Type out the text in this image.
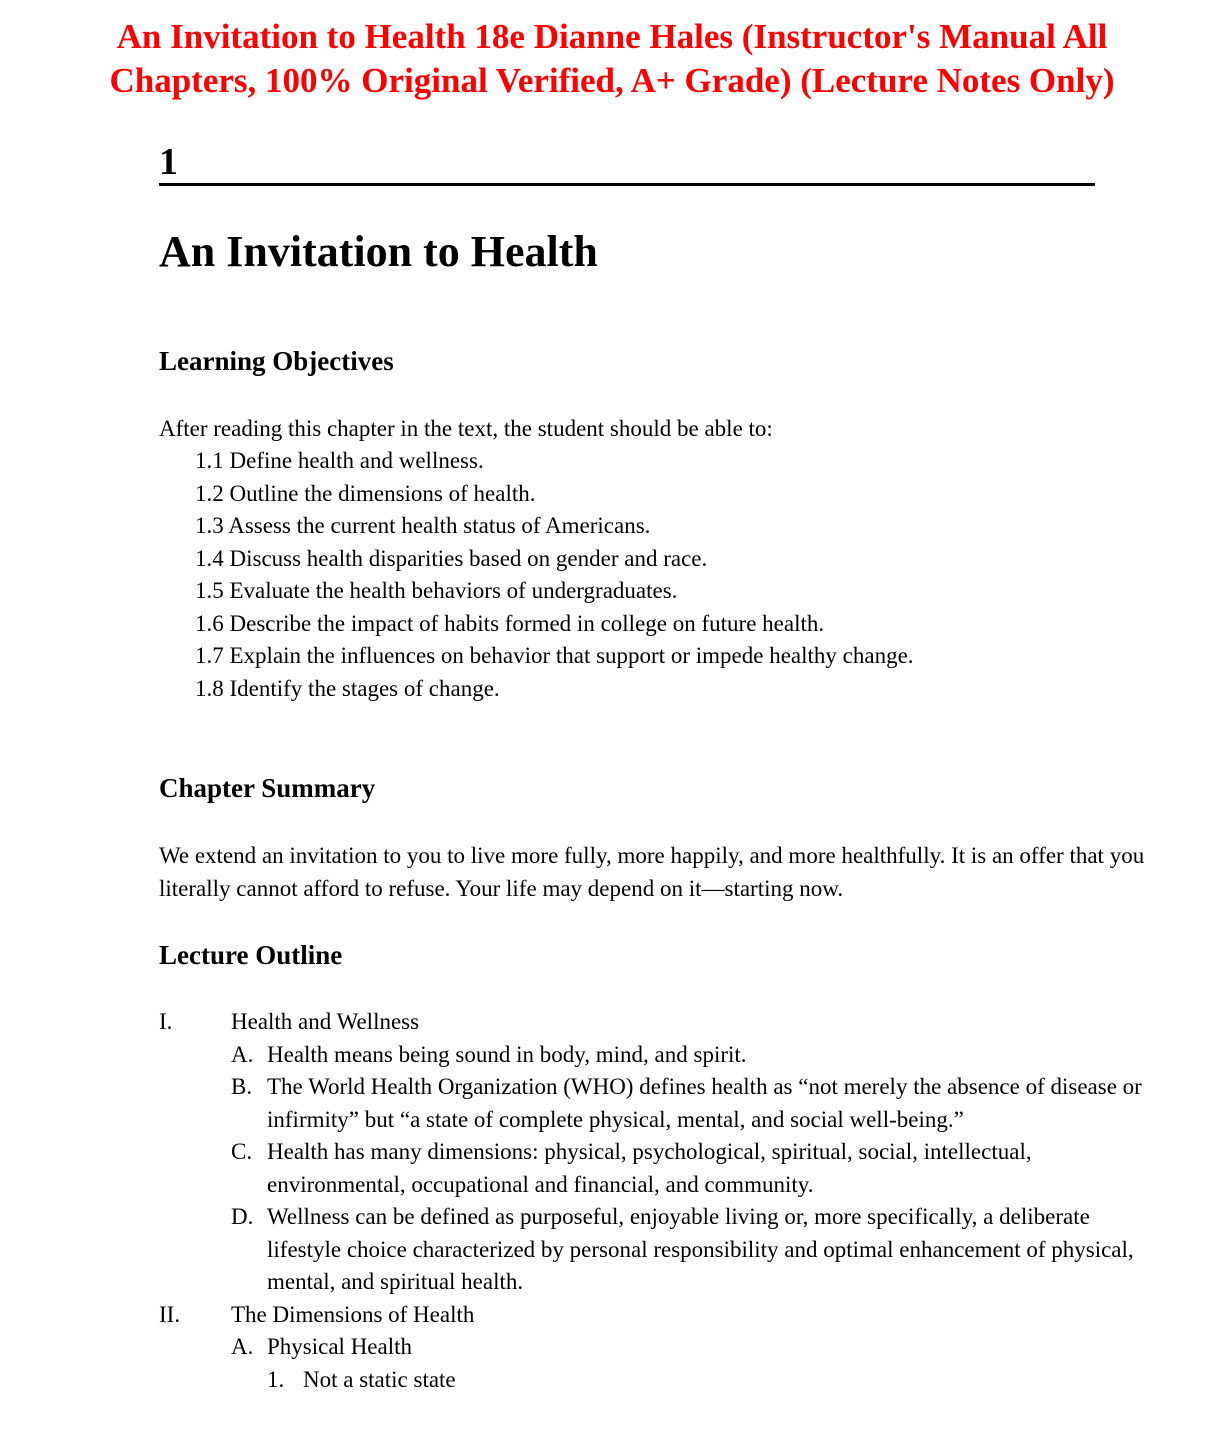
An Invitation to Health 18e Dianne Hales (Instructor's Manual All
Chapters, 100% Original Verified, A+ Grade) (Lecture Notes Only)
1
An Invitation to Health
Learning Objectives
After reading this chapter in the text, the student should be able to:
1.1 Define health and wellness.
1.2 Outline the dimensions of health.
1.3 Assess the current health status of Americans.
1.4 Discuss health disparities based on gender and race.
1.5 Evaluate the health behaviors of undergraduates.
1.6 Describe the impact of habits formed in college on future health.
1.7 Explain the influences on behavior that support or impede healthy change.
1.8 Identify the stages of change.
Chapter Summary
We extend an invitation to you to live more fully, more happily, and more healthfully. It is an offer that you literally cannot afford to refuse. Your life may depend on it—starting now.
Lecture Outline
I.	Health and Wellness
A. Health means being sound in body, mind, and spirit.
B. The World Health Organization (WHO) defines health as “not merely the absence of disease or infirmity” but “a state of complete physical, mental, and social well-being.”
C. Health has many dimensions: physical, psychological, spiritual, social, intellectual, environmental, occupational and financial, and community.
D. Wellness can be defined as purposeful, enjoyable living or, more specifically, a deliberate lifestyle choice characterized by personal responsibility and optimal enhancement of physical, mental, and spiritual health.
II.	The Dimensions of Health
A. Physical Health
1. Not a static state
